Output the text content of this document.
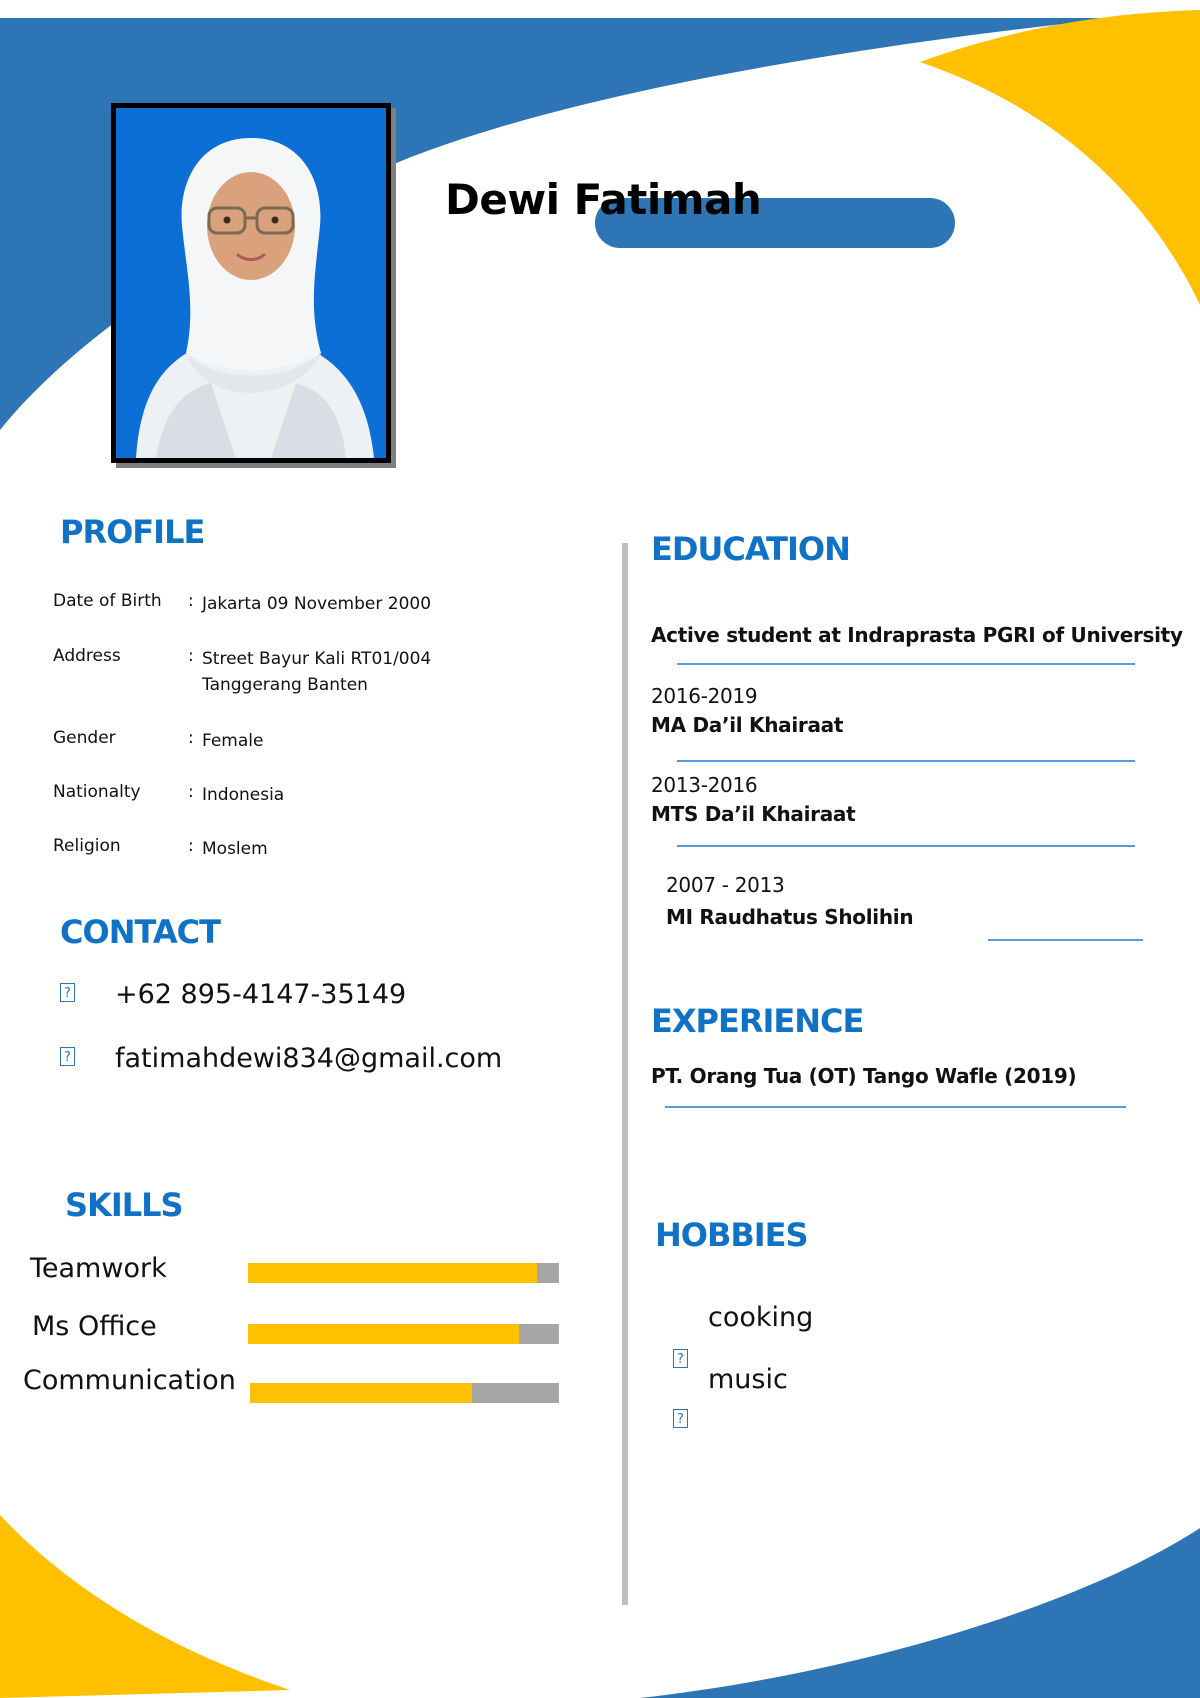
Dewi Fatimah
PROFILE
Date of Birth : Jakarta 09 November 2000
Address	: Street Bayur Kali RT01/004
Tanggerang Banten
Gender	: Female
Nationalty	: Indonesia
Religion	: Moslem
CONTACT
? +62 895-4147-35149
? fatimahdewi834@gmail.com
SKILLS
Teamwork
Ms Office
Communication
EDUCATION
Active student at Indraprasta PGRI of University
2016-2019
MA Da’il Khairaat
2013-2016
MTS Da’il Khairaat
2007 - 2013
MI Raudhatus Sholihin
EXPERIENCE
PT. Orang Tua (OT) Tango Wafle (2019)
HOBBIES
cooking
?
music
?
